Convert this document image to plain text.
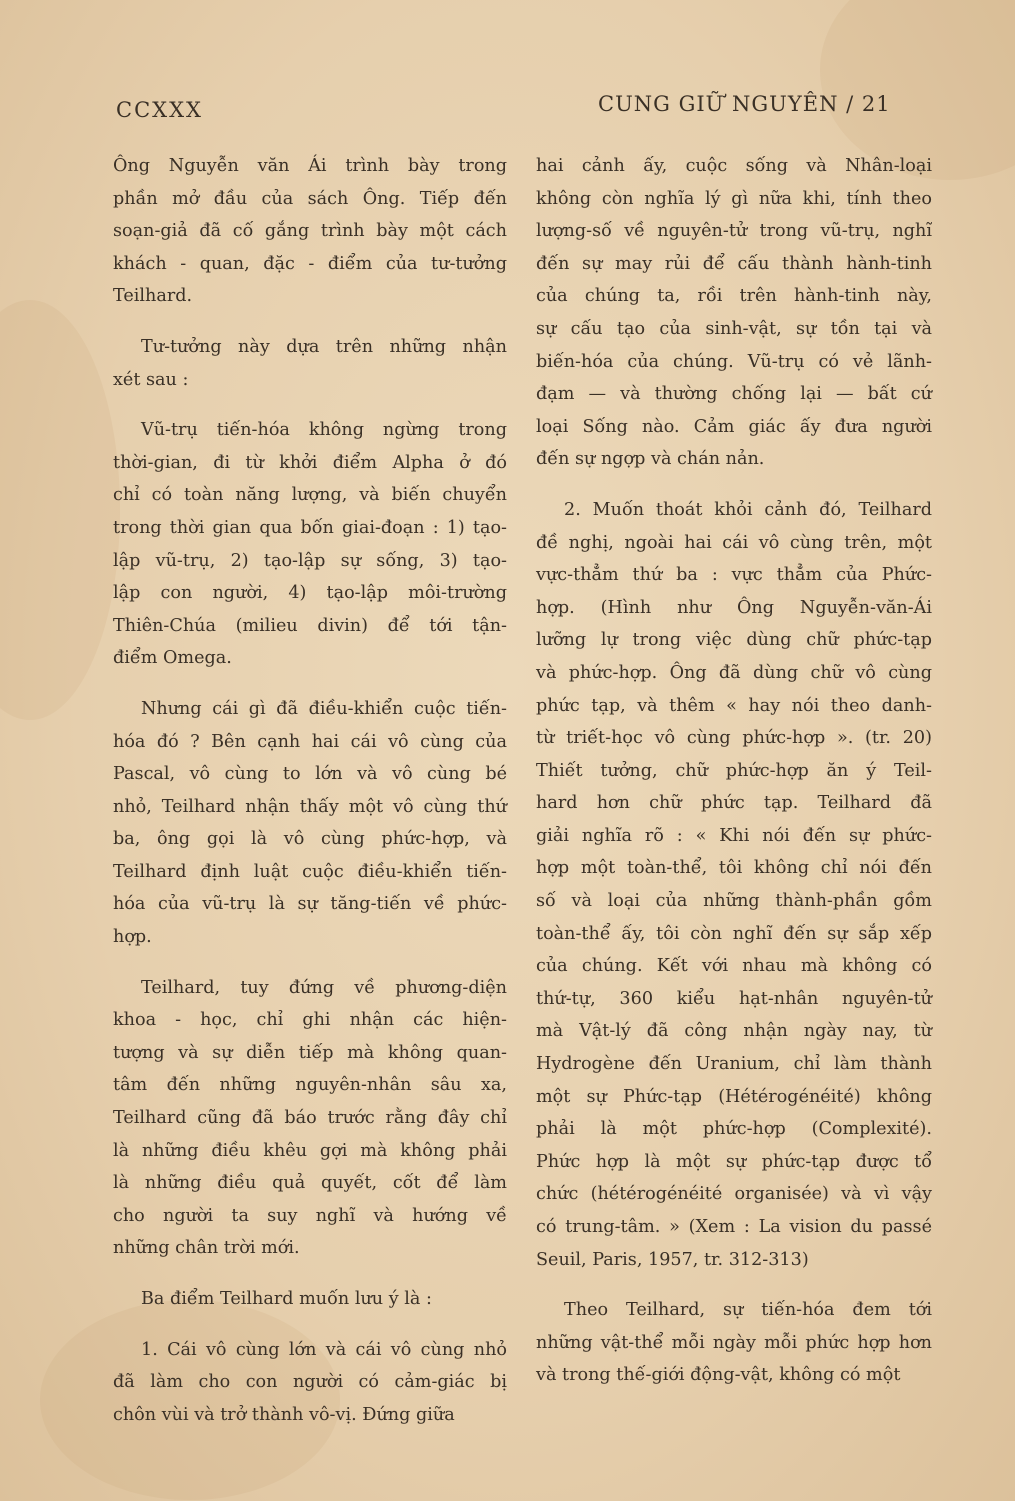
CCXXX	CUNG GIỮ NGUYÊN / 21
Ông Nguyễn văn Ái trình bày trong
phần mở đầu của sách Ông. Tiếp đến
soạn-giả đã cố gắng trình bày một cách
khách - quan, đặc - điểm của tư-tưởng
Teilhard.
Tư-tưởng này dựa trên những nhận
xét sau :
Vũ-trụ tiến-hóa không ngừng trong
thời-gian, đi từ khởi điểm Alpha ở đó
chỉ có toàn năng lượng, và biến chuyển
trong thời gian qua bốn giai-đoạn : 1) tạo-
lập vũ-trụ, 2) tạo-lập sự sống, 3) tạo-
lập con người, 4) tạo-lập môi-trường
Thiên-Chúa (milieu divin) để tới tận-
điểm Omega.
Nhưng cái gì đã điều-khiển cuộc tiến-
hóa đó ? Bên cạnh hai cái vô cùng của
Pascal, vô cùng to lớn và vô cùng bé
nhỏ, Teilhard nhận thấy một vô cùng thứ
ba, ông gọi là vô cùng phức-hợp, và
Teilhard định luật cuộc điều-khiển tiến-
hóa của vũ-trụ là sự tăng-tiến về phức-
hợp.
Teilhard, tuy đứng về phương-diện
khoa - học, chỉ ghi nhận các hiện-
tượng và sự diễn tiếp mà không quan-
tâm đến những nguyên-nhân sâu xa,
Teilhard cũng đã báo trước rằng đây chỉ
là những điều khêu gợi mà không phải
là những điều quả quyết, cốt để làm
cho người ta suy nghĩ và hướng về
những chân trời mới.
Ba điểm Teilhard muốn lưu ý là :
1. Cái vô cùng lớn và cái vô cùng nhỏ
đã làm cho con người có cảm-giác bị
chôn vùi và trở thành vô-vị. Đứng giữa
hai cảnh ấy, cuộc sống và Nhân-loại
không còn nghĩa lý gì nữa khi, tính theo
lượng-số về nguyên-tử trong vũ-trụ, nghĩ
đến sự may rủi để cấu thành hành-tinh
của chúng ta, rồi trên hành-tinh này,
sự cấu tạo của sinh-vật, sự tồn tại và
biến-hóa của chúng. Vũ-trụ có vẻ lãnh-
đạm — và thường chống lại — bất cứ
loại Sống nào. Cảm giác ấy đưa người
đến sự ngợp và chán nản.
2. Muốn thoát khỏi cảnh đó, Teilhard
đề nghị, ngoài hai cái vô cùng trên, một
vực-thẳm thứ ba : vực thẳm của Phức-
hợp. (Hình như Ông Nguyễn-văn-Ái
lưỡng lự trong việc dùng chữ phức-tạp
và phức-hợp. Ông đã dùng chữ vô cùng
phức tạp, và thêm « hay nói theo danh-
từ triết-học vô cùng phức-hợp ». (tr. 20)
Thiết tưởng, chữ phức-hợp ăn ý Teil-
hard hơn chữ phức tạp. Teilhard đã
giải nghĩa rõ : « Khi nói đến sự phức-
hợp một toàn-thể, tôi không chỉ nói đến
số và loại của những thành-phần gồm
toàn-thể ấy, tôi còn nghĩ đến sự sắp xếp
của chúng. Kết với nhau mà không có
thứ-tự, 360 kiểu hạt-nhân nguyên-tử
mà Vật-lý đã công nhận ngày nay, từ
Hydrogène đến Uranium, chỉ làm thành
một sự Phức-tạp (Hétérogénéité) không
phải là một phức-hợp (Complexité).
Phức hợp là một sự phức-tạp được tổ
chức (hétérogénéité organisée) và vì vậy
có trung-tâm. » (Xem : La vision du passé
Seuil, Paris, 1957, tr. 312-313)
Theo Teilhard, sự tiến-hóa đem tới
những vật-thể mỗi ngày mỗi phức hợp hơn
và trong thế-giới động-vật, không có một
